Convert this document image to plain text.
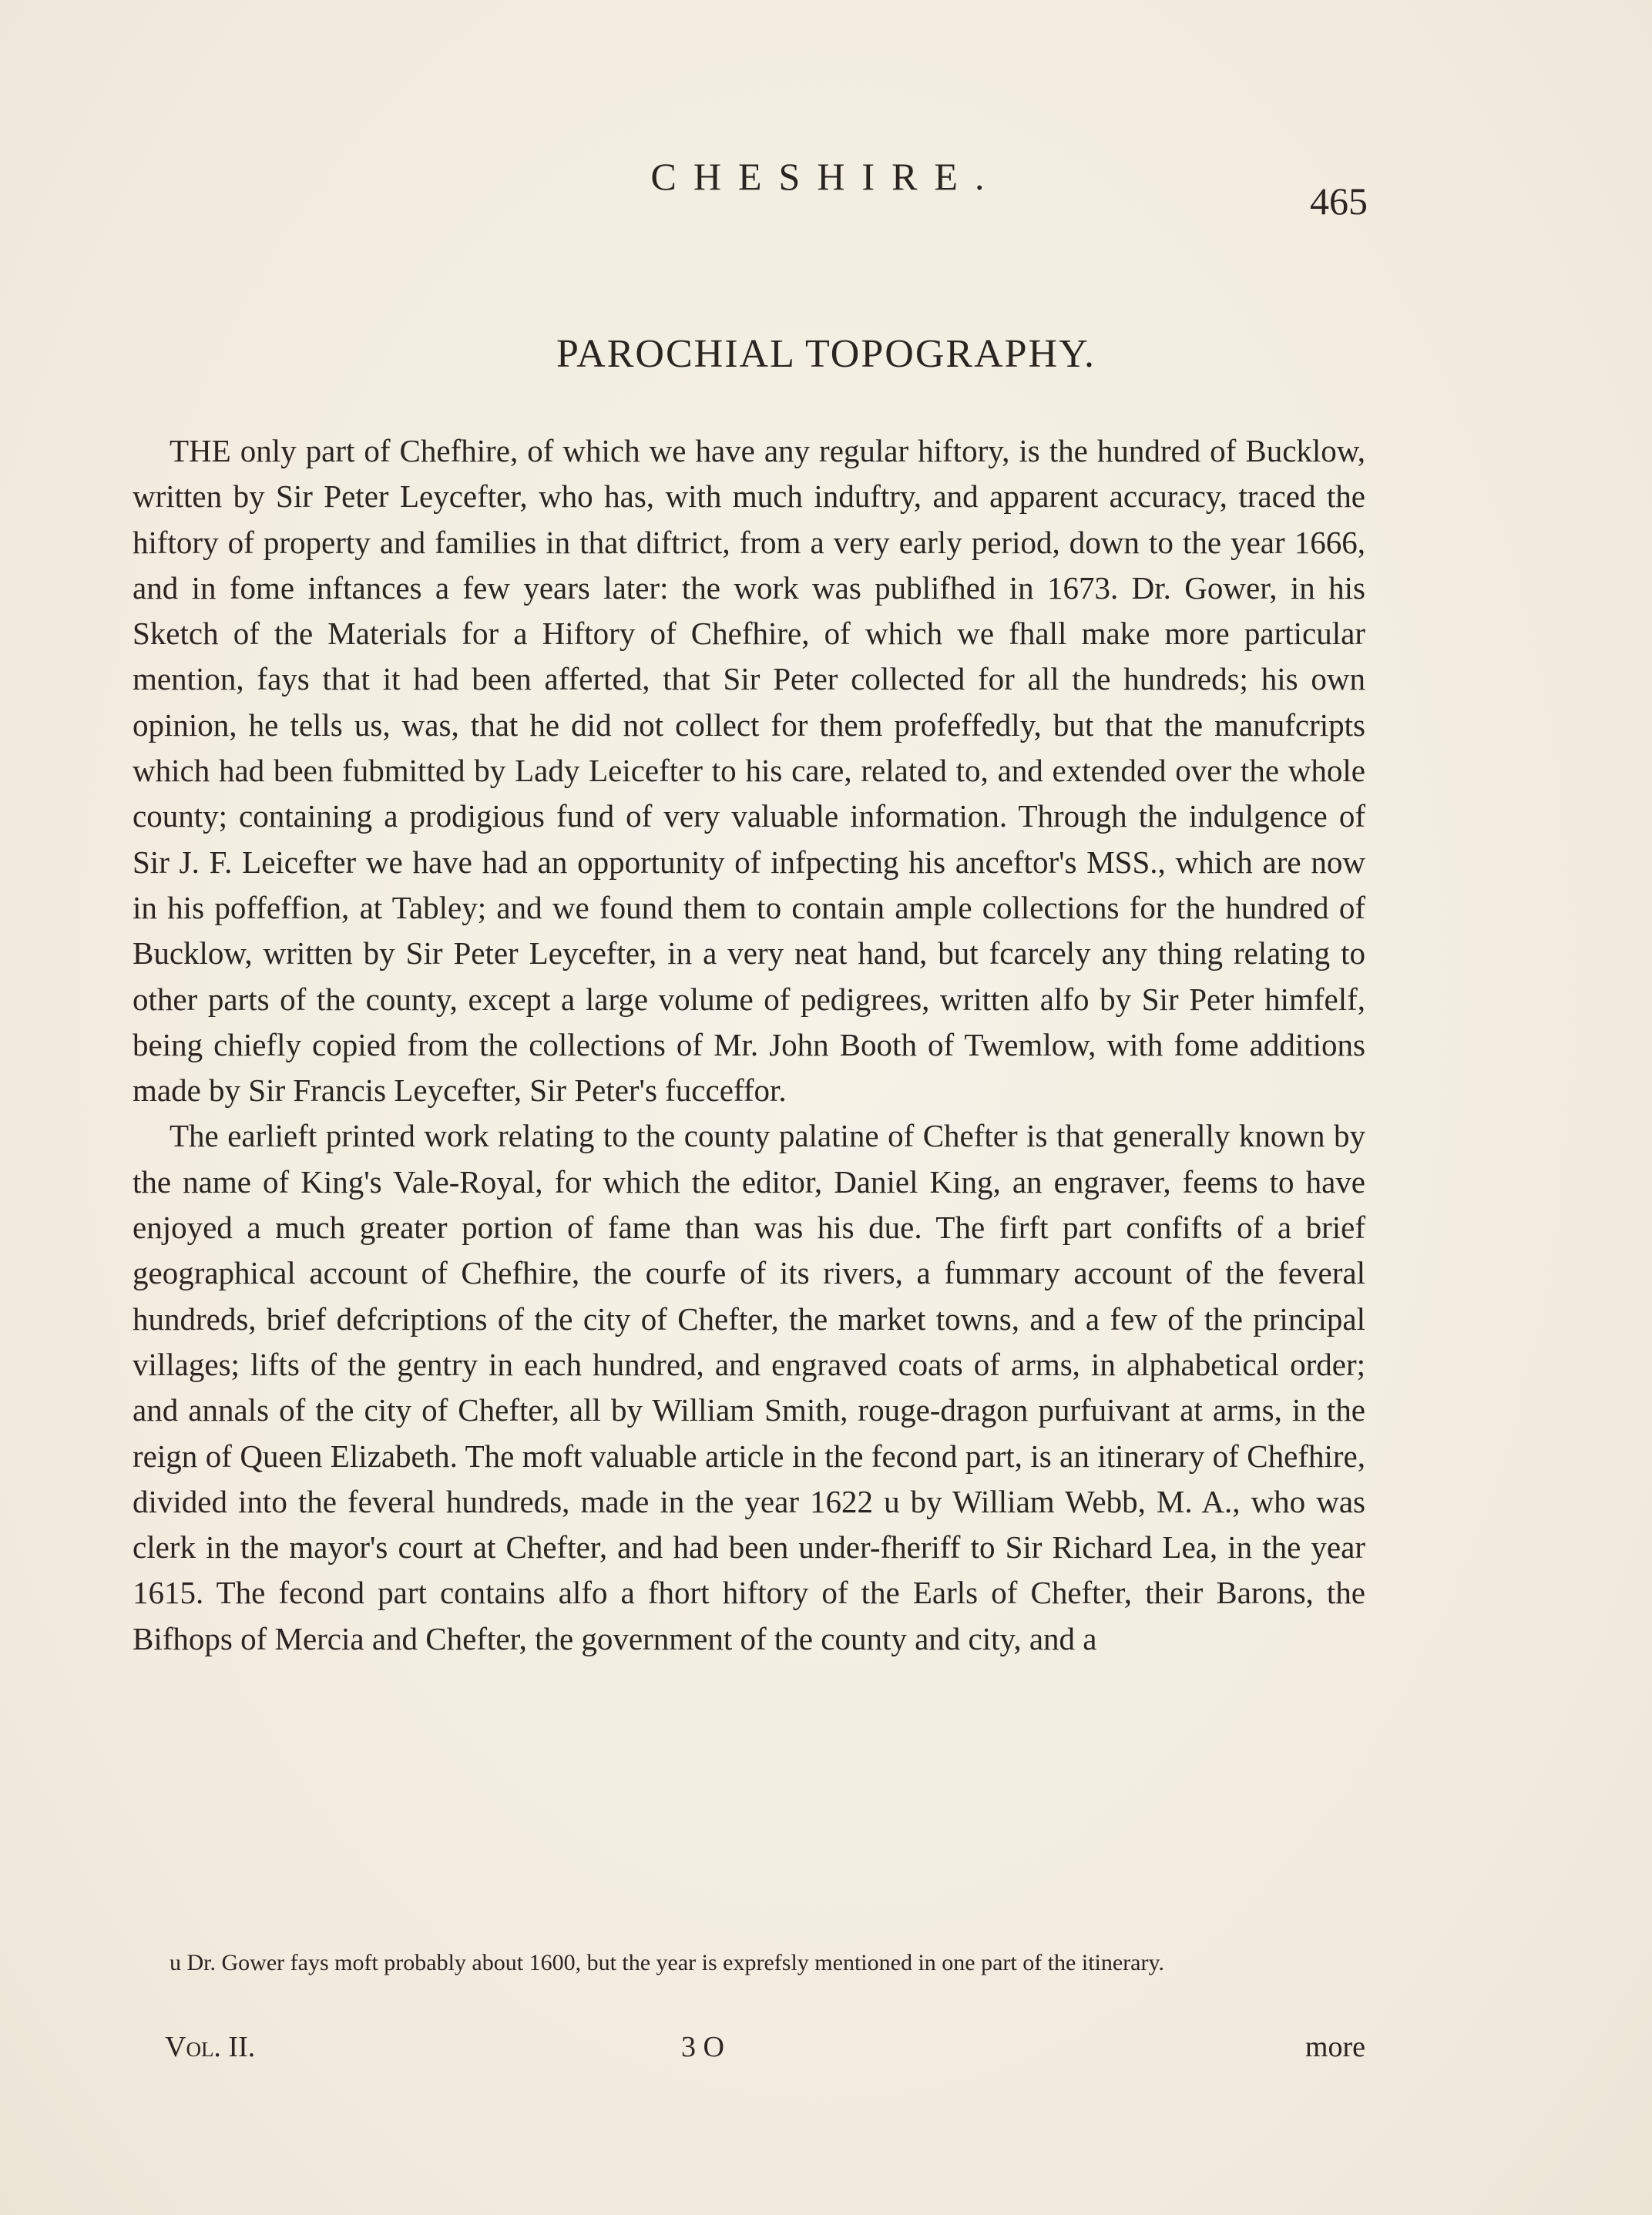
CHESHIRE.
465
PAROCHIAL TOPOGRAPHY.

THE only part of Chefhire, of which we have any regular hiftory, is the hundred of Bucklow, written by Sir Peter Leycefter, who has, with much induftry, and apparent accuracy, traced the hiftory of property and families in that diftrict, from a very early period, down to the year 1666, and in fome inftances a few years later: the work was publifhed in 1673. Dr. Gower, in his Sketch of the Materials for a Hiftory of Chefhire, of which we fhall make more particular mention, fays that it had been afferted, that Sir Peter collected for all the hundreds; his own opinion, he tells us, was, that he did not collect for them profeffedly, but that the manufcripts which had been fubmitted by Lady Leicefter to his care, related to, and extended over the whole county; containing a prodigious fund of very valuable information. Through the indulgence of Sir J. F. Leicefter we have had an opportunity of infpecting his anceftor's MSS., which are now in his poffeffion, at Tabley; and we found them to contain ample collections for the hundred of Bucklow, written by Sir Peter Leycefter, in a very neat hand, but fcarcely any thing relating to other parts of the county, except a large volume of pedigrees, written alfo by Sir Peter himfelf, being chiefly copied from the collections of Mr. John Booth of Twemlow, with fome additions made by Sir Francis Leycefter, Sir Peter's fucceffor.

The earlieft printed work relating to the county palatine of Chefter is that generally known by the name of King's Vale-Royal, for which the editor, Daniel King, an engraver, feems to have enjoyed a much greater portion of fame than was his due. The firft part confifts of a brief geographical account of Chefhire, the courfe of its rivers, a fummary account of the feveral hundreds, brief defcriptions of the city of Chefter, the market towns, and a few of the principal villages; lifts of the gentry in each hundred, and engraved coats of arms, in alphabetical order; and annals of the city of Chefter, all by William Smith, rouge-dragon purfuivant at arms, in the reign of Queen Elizabeth. The moft valuable article in the fecond part, is an itinerary of Chefhire, divided into the feveral hundreds, made in the year 1622 u by William Webb, M. A., who was clerk in the mayor's court at Chefter, and had been under-fheriff to Sir Richard Lea, in the year 1615. The fecond part contains alfo a fhort hiftory of the Earls of Chefter, their Barons, the Bifhops of Mercia and Chefter, the government of the county and city, and a

u Dr. Gower fays moft probably about 1600, but the year is exprefsly mentioned in one part of the itinerary.
Vol. II.	3 O	more
